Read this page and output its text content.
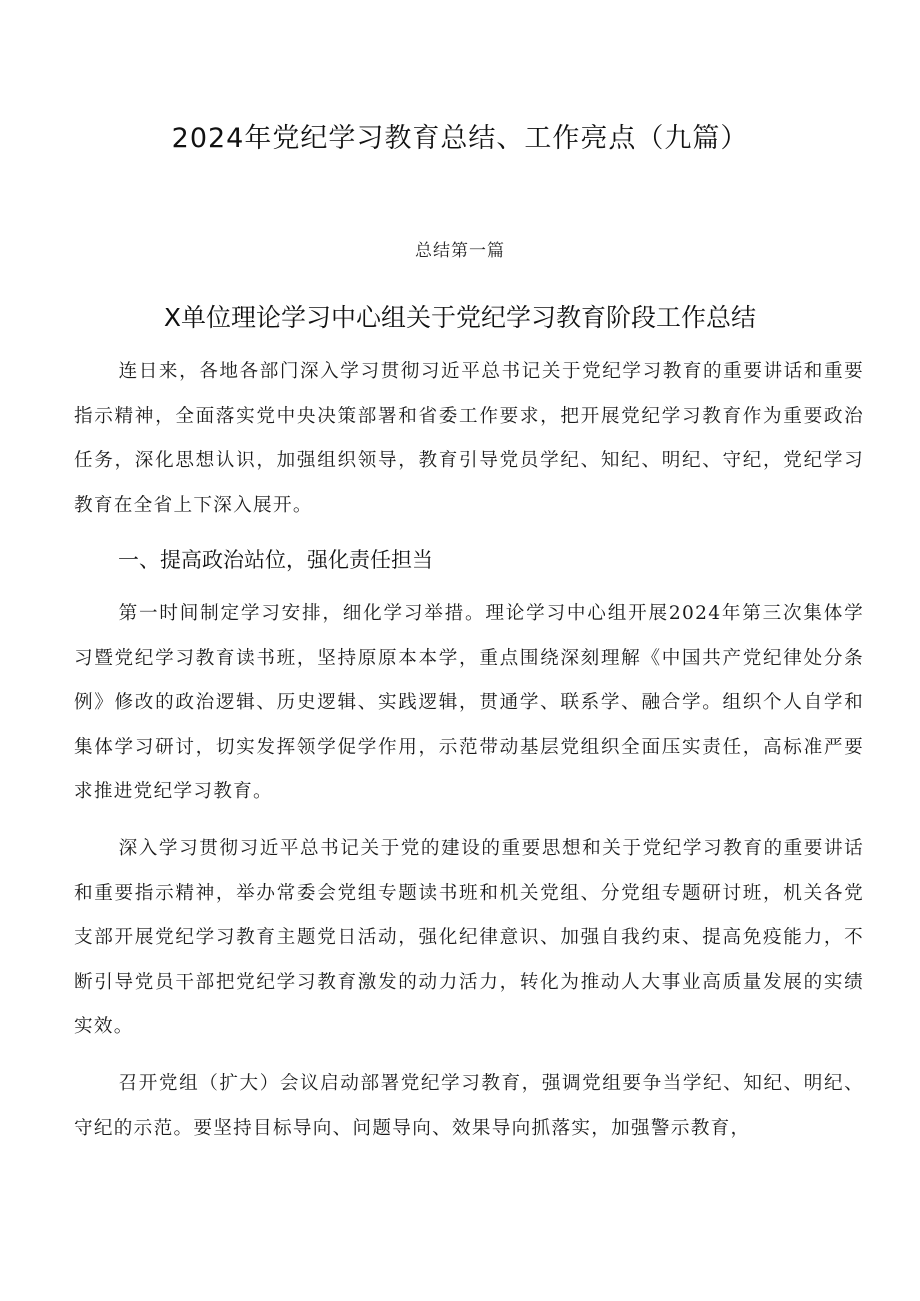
2024年党纪学习教育总结、工作亮点（九篇）
总结第一篇
X单位理论学习中心组关于党纪学习教育阶段工作总结

连日来，各地各部门深入学习贯彻习近平总书记关于党纪学习教育的重要讲话和重要指示精神，全面落实党中央决策部署和省委工作要求，把开展党纪学习教育作为重要政治任务，深化思想认识，加强组织领导，教育引导党员学纪、知纪、明纪、守纪，党纪学习教育在全省上下深入展开。

一、提高政治站位，强化责任担当

第一时间制定学习安排，细化学习举措。理论学习中心组开展2024年第三次集体学习暨党纪学习教育读书班，坚持原原本本学，重点围绕深刻理解《中国共产党纪律处分条例》修改的政治逻辑、历史逻辑、实践逻辑，贯通学、联系学、融合学。组织个人自学和集体学习研讨，切实发挥领学促学作用，示范带动基层党组织全面压实责任，高标准严要求推进党纪学习教育。

深入学习贯彻习近平总书记关于党的建设的重要思想和关于党纪学习教育的重要讲话和重要指示精神，举办常委会党组专题读书班和机关党组、分党组专题研讨班，机关各党支部开展党纪学习教育主题党日活动，强化纪律意识、加强自我约束、提高免疫能力，不断引导党员干部把党纪学习教育激发的动力活力，转化为推动人大事业高质量发展的实绩实效。

召开党组（扩大）会议启动部署党纪学习教育，强调党组要争当学纪、知纪、明纪、守纪的示范。要坚持目标导向、问题导向、效果导向抓落实，加强警示教育，
